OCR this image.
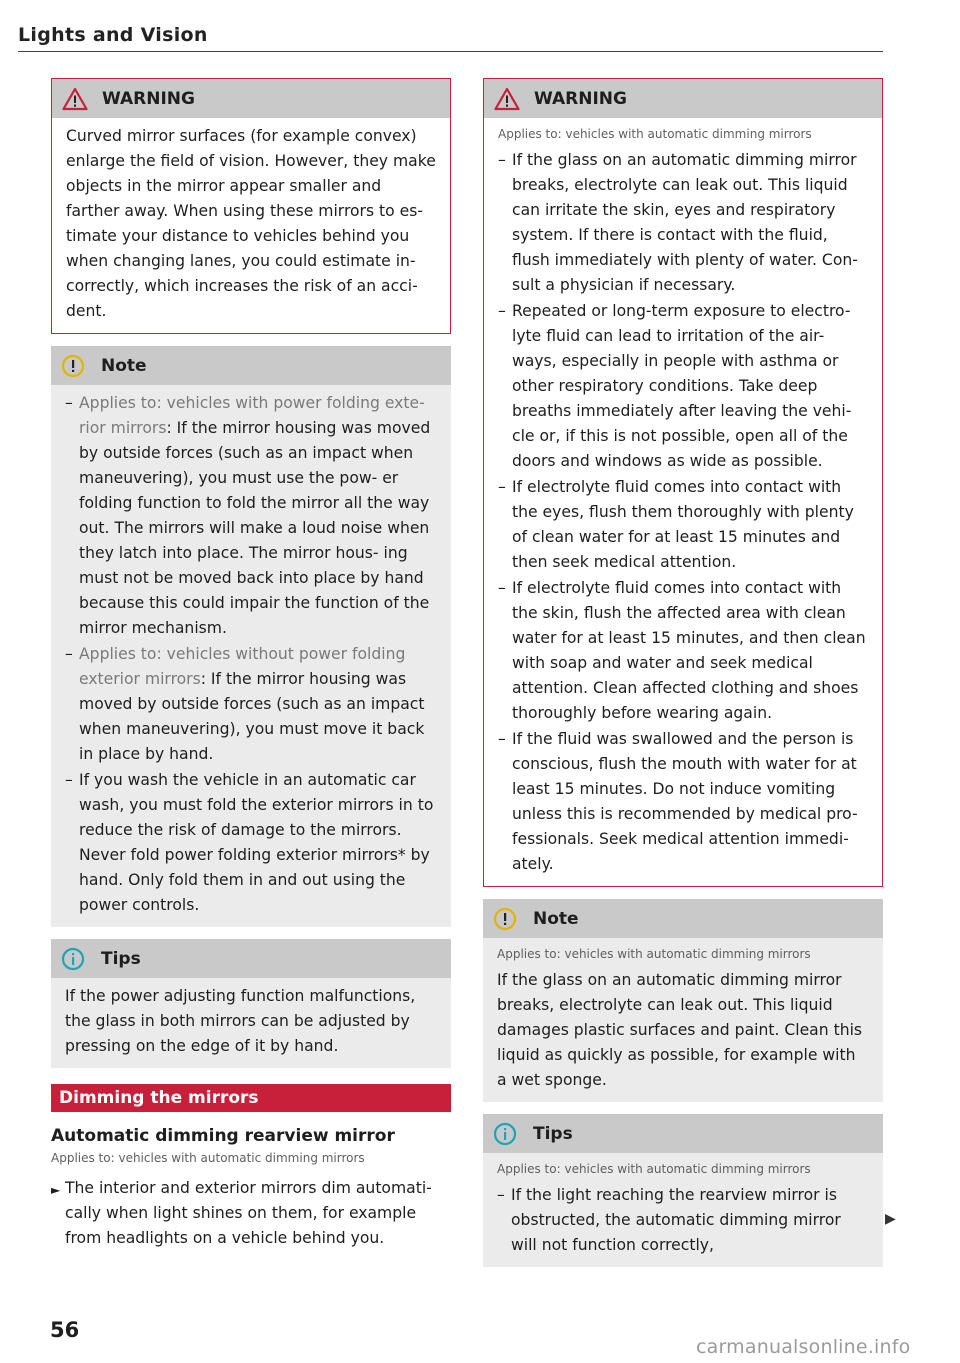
Lights and Vision
WARNING

Curved mirror surfaces (for example convex) enlarge the field of vision. However, they make objects in the mirror appear smaller and farther away. When using these mirrors to es- timate your distance to vehicles behind you when changing lanes, you could estimate in- correctly, which increases the risk of an acci- dent.

Note
– Applies to: vehicles with power folding exte- rior mirrors: If the mirror housing was moved by outside forces (such as an impact when maneuvering), you must use the pow- er folding function to fold the mirror all the way out. The mirrors will make a loud noise when they latch into place. The mirror hous- ing must not be moved back into place by hand because this could impair the function of the mirror mechanism.
– Applies to: vehicles without power folding exterior mirrors: If the mirror housing was moved by outside forces (such as an impact when maneuvering), you must move it back in place by hand.
– If you wash the vehicle in an automatic car wash, you must fold the exterior mirrors in to reduce the risk of damage to the mirrors. Never fold power folding exterior mirrors* by hand. Only fold them in and out using the power controls.
Tips

If the power adjusting function malfunctions, the glass in both mirrors can be adjusted by pressing on the edge of it by hand.

Dimming the mirrors
Automatic dimming rearview mirror

Applies to: vehicles with automatic dimming mirrors

► The interior and exterior mirrors dim automati- cally when light shines on them, for example from headlights on a vehicle behind you.
WARNING

Applies to: vehicles with automatic dimming mirrors

– If the glass on an automatic dimming mirror breaks, electrolyte can leak out. This liquid can irritate the skin, eyes and respiratory system. If there is contact with the fluid, flush immediately with plenty of water. Con- sult a physician if necessary.
– Repeated or long-term exposure to electro- lyte fluid can lead to irritation of the air- ways, especially in people with asthma or other respiratory conditions. Take deep breaths immediately after leaving the vehi- cle or, if this is not possible, open all of the doors and windows as wide as possible.
– If electrolyte fluid comes into contact with the eyes, flush them thoroughly with plenty of clean water for at least 15 minutes and then seek medical attention.
– If electrolyte fluid comes into contact with the skin, flush the affected area with clean water for at least 15 minutes, and then clean with soap and water and seek medical attention. Clean affected clothing and shoes thoroughly before wearing again.
– If the fluid was swallowed and the person is conscious, flush the mouth with water for at least 15 minutes. Do not induce vomiting unless this is recommended by medical pro- fessionals. Seek medical attention immedi- ately.
Note

Applies to: vehicles with automatic dimming mirrors

If the glass on an automatic dimming mirror breaks, electrolyte can leak out. This liquid damages plastic surfaces and paint. Clean this liquid as quickly as possible, for example with a wet sponge.

Tips

Applies to: vehicles with automatic dimming mirrors

– If the light reaching the rearview mirror is obstructed, the automatic dimming mirror will not function correctly,
▶
56
carmanualsonline.info
